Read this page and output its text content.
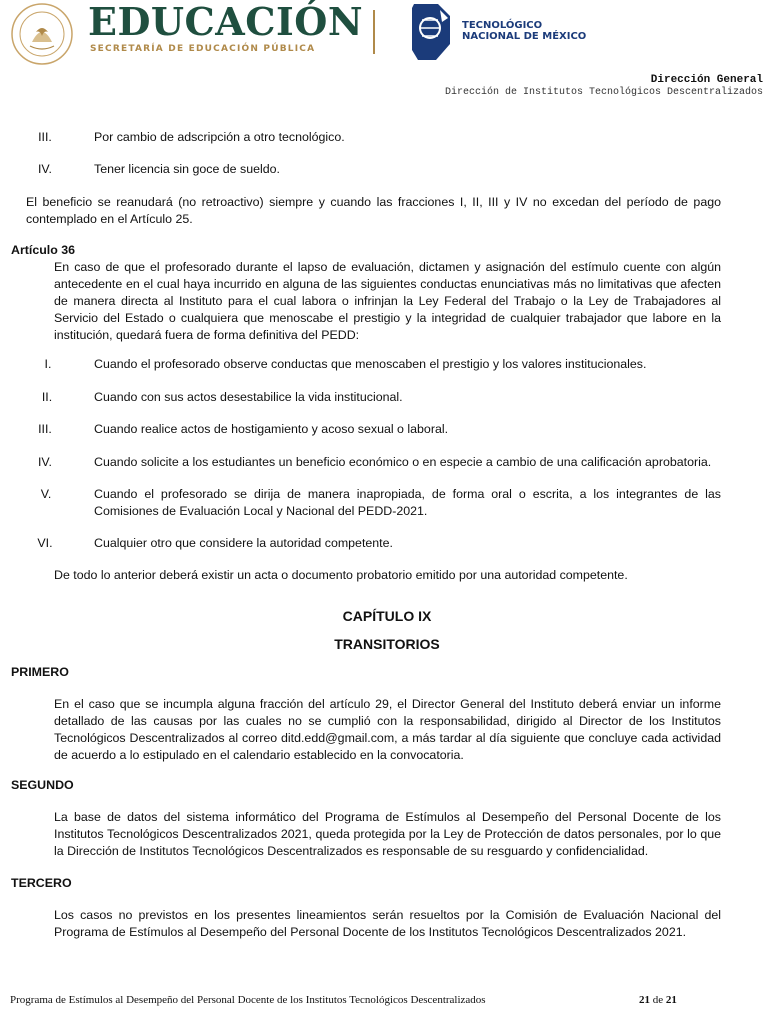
EDUCACIÓN
SECRETARÍA DE EDUCACIÓN PÚBLICA
TECNOLÓGICO
NACIONAL DE MÉXICO
Dirección General
Dirección de Institutos Tecnológicos Descentralizados
III.	Por cambio de adscripción a otro tecnológico.
IV.	Tener licencia sin goce de sueldo.
El beneficio se reanudará (no retroactivo) siempre y cuando las fracciones I, II, III y IV no excedan del período de pago contemplado en el Artículo 25.
Artículo 36
En caso de que el profesorado durante el lapso de evaluación, dictamen y asignación del estímulo cuente con algún antecedente en el cual haya incurrido en alguna de las siguientes conductas enunciativas más no limitativas que afecten de manera directa al Instituto para el cual labora o infrinjan la Ley Federal del Trabajo o la Ley de Trabajadores al Servicio del Estado o cualquiera que menoscabe el prestigio y la integridad de cualquier trabajador que labore en la institución, quedará fuera de forma definitiva del PEDD:
I.	Cuando el profesorado observe conductas que menoscaben el prestigio y los valores institucionales.
II.	Cuando con sus actos desestabilice la vida institucional.
III.	Cuando realice actos de hostigamiento y acoso sexual o laboral.
IV.	Cuando solicite a los estudiantes un beneficio económico o en especie a cambio de una calificación aprobatoria.
V.	Cuando el profesorado se dirija de manera inapropiada, de forma oral o escrita, a los integrantes de las Comisiones de Evaluación Local y Nacional del PEDD-2021.
VI.	Cualquier otro que considere la autoridad competente.
De todo lo anterior deberá existir un acta o documento probatorio emitido por una autoridad competente.
CAPÍTULO IX
TRANSITORIOS
PRIMERO
En el caso que se incumpla alguna fracción del artículo 29, el Director General del Instituto deberá enviar un informe detallado de las causas por las cuales no se cumplió con la responsabilidad, dirigido al Director de los Institutos Tecnológicos Descentralizados al correo ditd.edd@gmail.com, a más tardar al día siguiente que concluye cada actividad de acuerdo a lo estipulado en el calendario establecido en la convocatoria.
SEGUNDO
La base de datos del sistema informático del Programa de Estímulos al Desempeño del Personal Docente de los Institutos Tecnológicos Descentralizados 2021, queda protegida por la Ley de Protección de datos personales, por lo que la Dirección de Institutos Tecnológicos Descentralizados es responsable de su resguardo y confidencialidad.
TERCERO
Los casos no previstos en los presentes lineamientos serán resueltos por la Comisión de Evaluación Nacional del Programa de Estímulos al Desempeño del Personal Docente de los Institutos Tecnológicos Descentralizados 2021.
Programa de Estímulos al Desempeño del Personal Docente de los Institutos Tecnológicos Descentralizados	21 de 21
